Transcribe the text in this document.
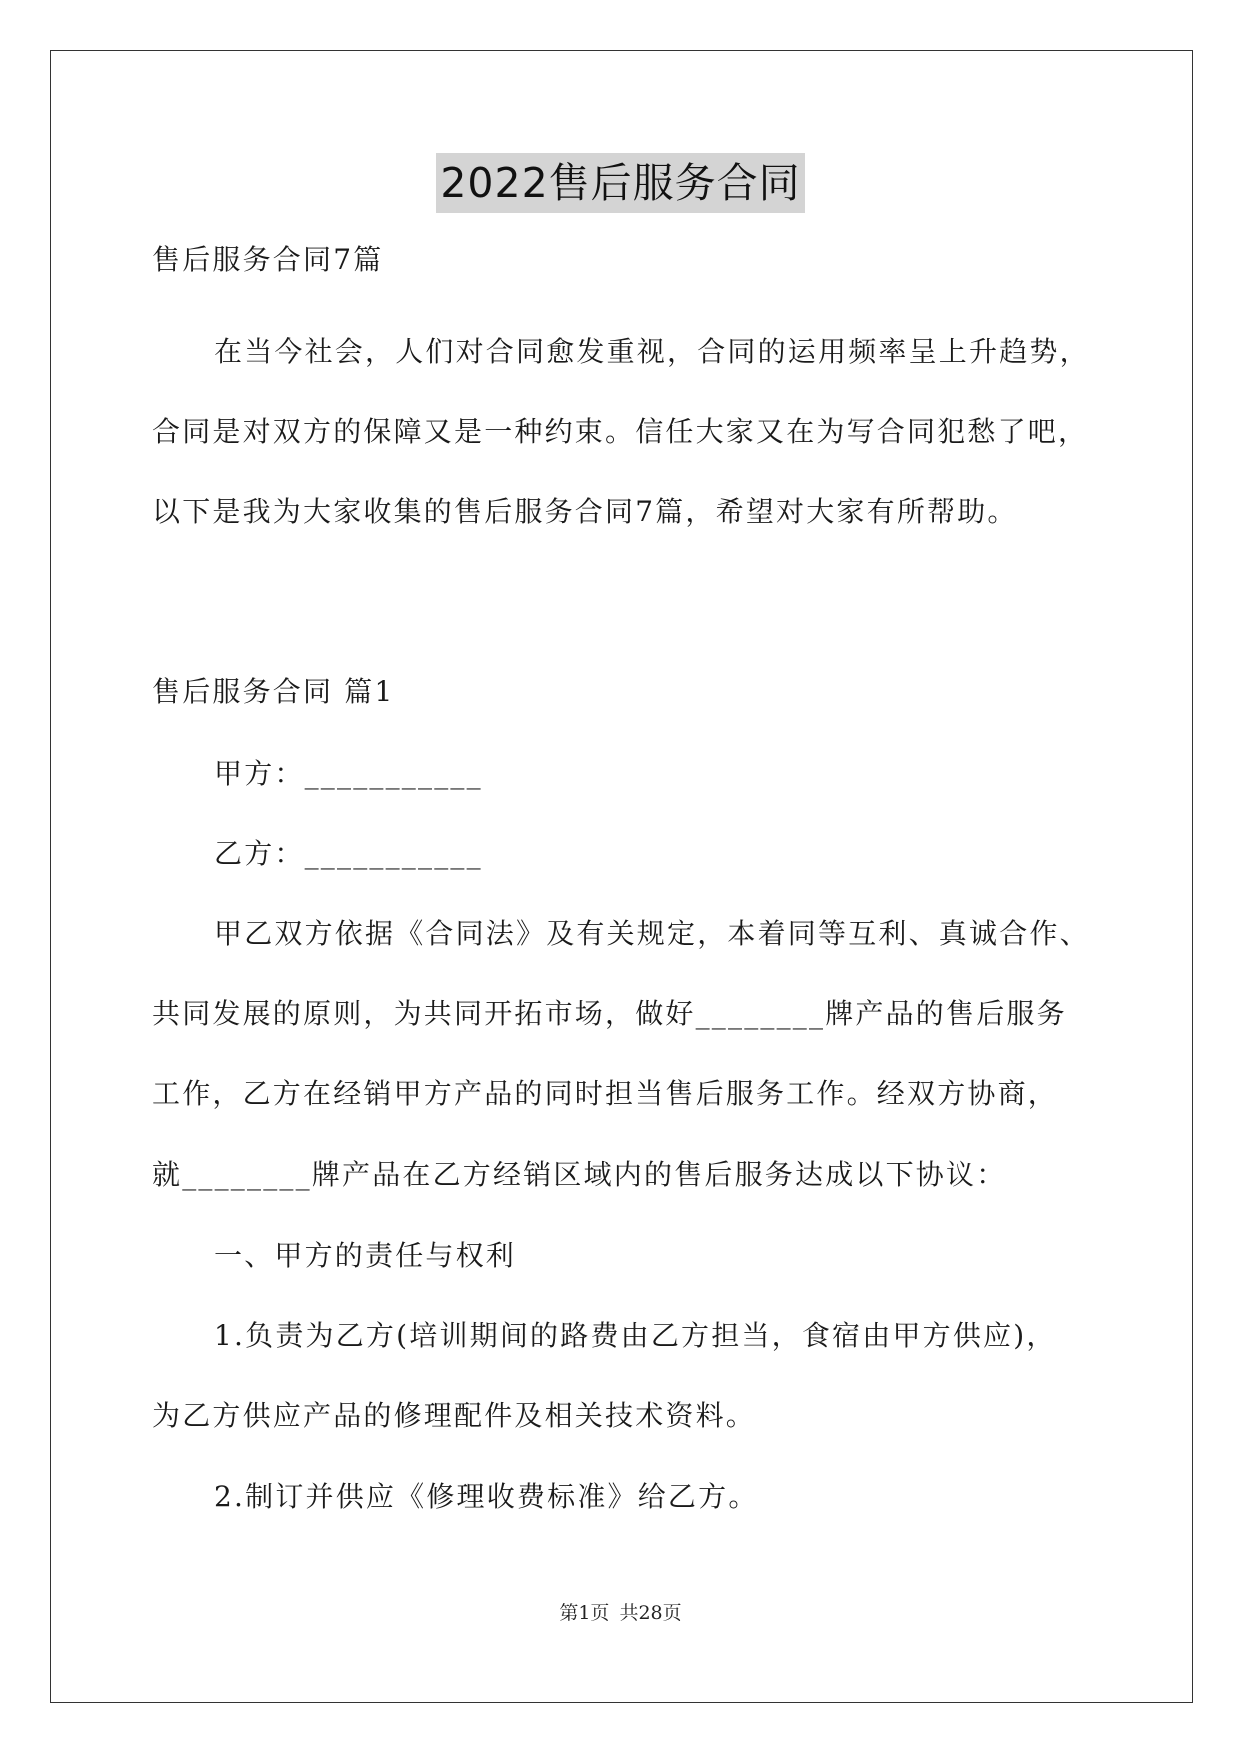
2022售后服务合同
售后服务合同7篇
在当今社会，人们对合同愈发重视，合同的运用频率呈上升趋势，
合同是对双方的保障又是一种约束。信任大家又在为写合同犯愁了吧，
以下是我为大家收集的售后服务合同7篇，希望对大家有所帮助。
售后服务合同 篇1
甲方：___________
乙方：___________
甲乙双方依据《合同法》及有关规定，本着同等互利、真诚合作、
共同发展的原则，为共同开拓市场，做好________牌产品的售后服务
工作，乙方在经销甲方产品的同时担当售后服务工作。经双方协商，
就________牌产品在乙方经销区域内的售后服务达成以下协议：
一、甲方的责任与权利
1.负责为乙方(培训期间的路费由乙方担当，食宿由甲方供应)，
为乙方供应产品的修理配件及相关技术资料。
2.制订并供应《修理收费标准》给乙方。
第1页 共28页
